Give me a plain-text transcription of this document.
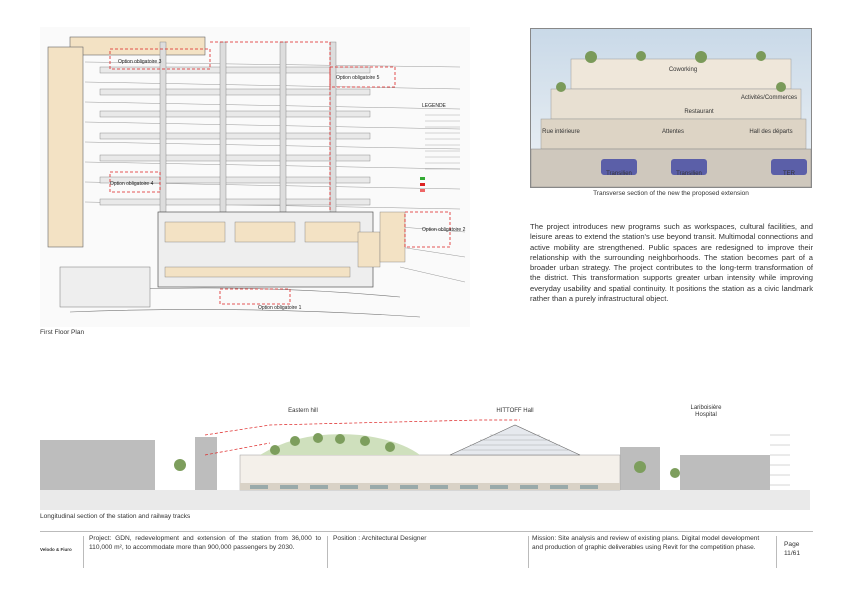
Option obligatoire 3
Option obligatoire 5
Option obligatoire 4
Option obligatoire 2
Option obligatoire 1
LEGENDE
First Floor Plan
Coworking
Activités/Commerces
Restaurant
Rue intérieure	Attentes	Hall des départs
Transilien	Transilien	TER
Transverse section of the new the proposed extension
The project introduces new programs such as workspaces, cultural facilities, and leisure areas to extend the station's use beyond transit. Multimodal connections and active mobility are strengthened. Public spaces are redesigned to improve their relationship with the surrounding neighborhoods. The station becomes part of a broader urban strategy. The project contributes to the long-term transformation of the district. This transformation supports greater urban intensity while improving everyday usability and spatial continuity. It positions the station as a civic landmark rather than a purely infrastructural object.
Eastern hill	HITTOFF Hall	Lariboisière Hospital
Longitudinal section of the station and railway tracks
Velodo & Fiuro
Project: GDN, redevelopment and extension of the station from 36,000 to 110,000 m², to accommodate more than 900,000 passengers by 2030.
Position : Architectural Designer	Mission: Site analysis and review of existing plans. Digital model development and production of graphic deliverables using Revit for the competition phase.	Page
11/61
